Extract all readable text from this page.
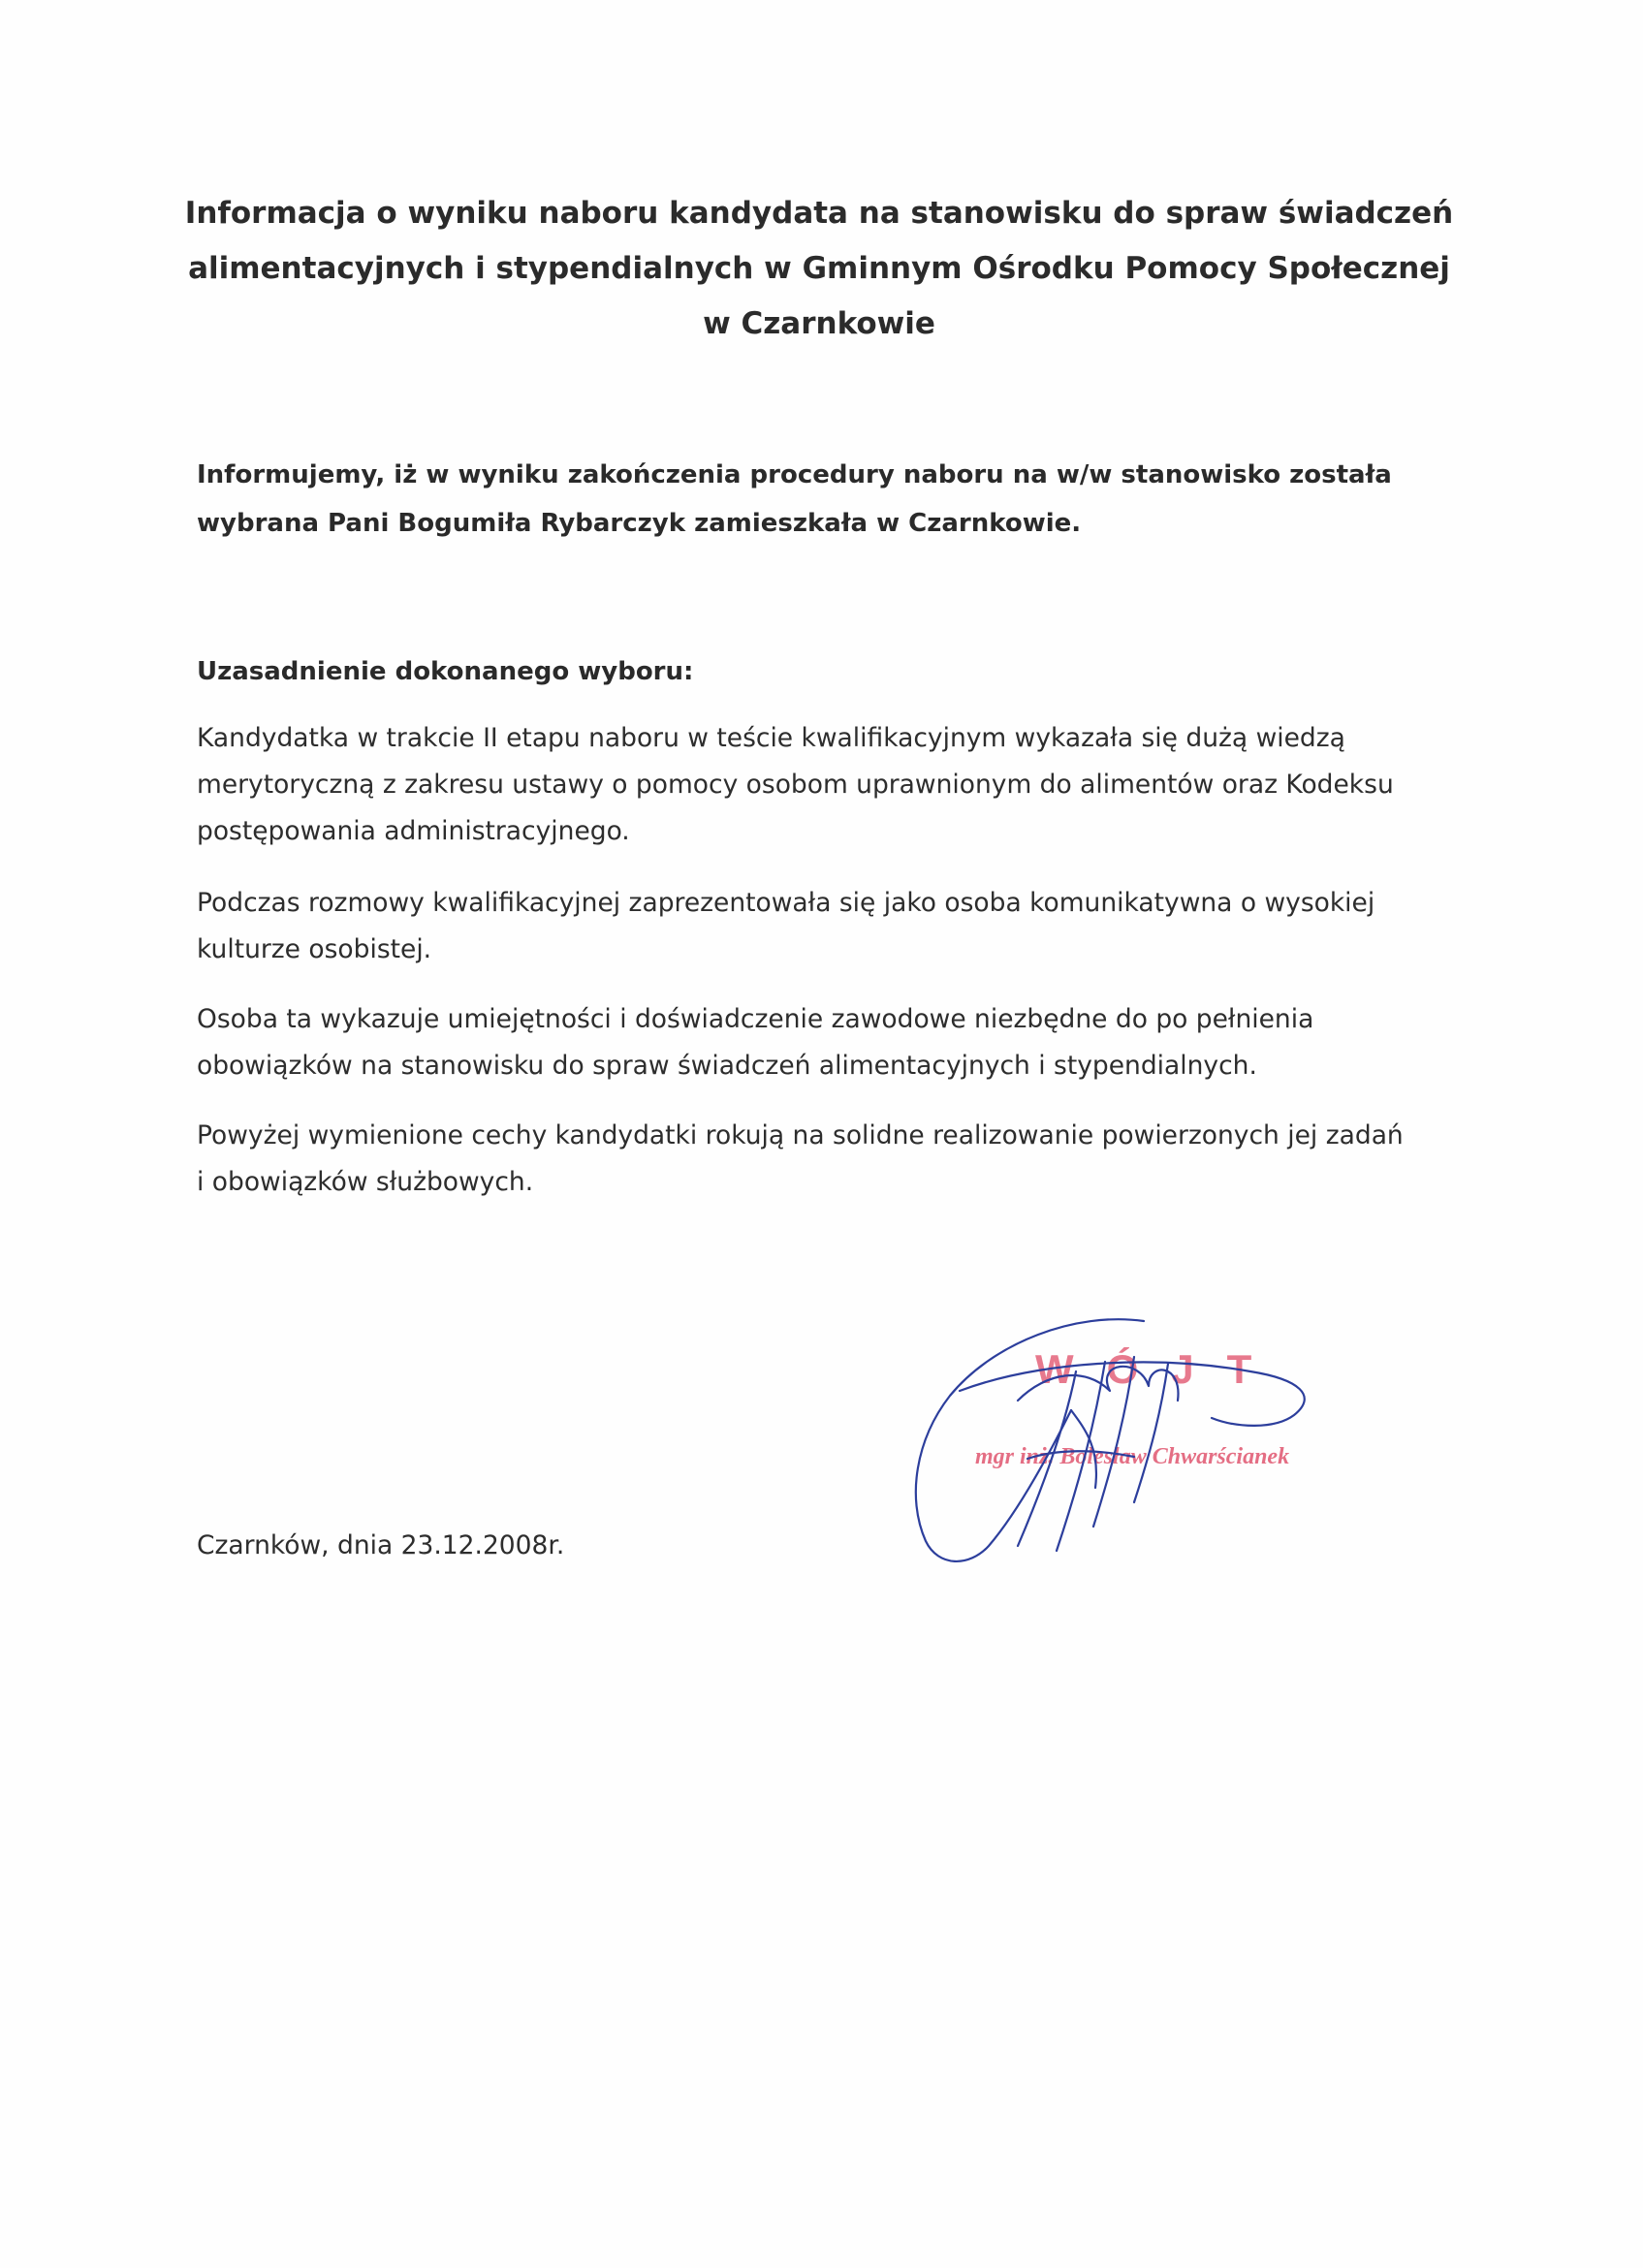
Informacja o wyniku naboru kandydata na stanowisku do spraw świadczeń alimentacyjnych i stypendialnych w Gminnym Ośrodku Pomocy Społecznej w Czarnkowie

Informujemy, iż w wyniku zakończenia procedury naboru na w/w stanowisko została wybrana Pani Bogumiła Rybarczyk zamieszkała w Czarnkowie.

Uzasadnienie dokonanego wyboru:

Kandydatka w trakcie II etapu naboru w teście kwalifikacyjnym wykazała się dużą wiedzą merytoryczną z zakresu ustawy o pomocy osobom uprawnionym do alimentów oraz Kodeksu postępowania administracyjnego.

Podczas rozmowy kwalifikacyjnej zaprezentowała się jako osoba komunikatywna o wysokiej kulturze osobistej.

Osoba ta wykazuje umiejętności i doświadczenie zawodowe niezbędne do po pełnienia obowiązków na stanowisku do spraw świadczeń alimentacyjnych i stypendialnych.

Powyżej wymienione cechy kandydatki rokują na solidne realizowanie powierzonych jej zadań i obowiązków służbowych.

Czarnków, dnia 23.12.2008r.

WÓJT

mgr inż. Bolesław Chwarścianek
